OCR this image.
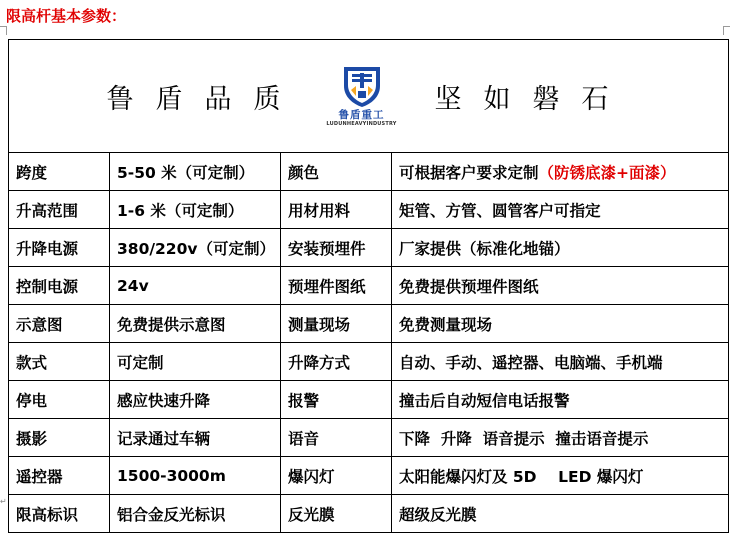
限高杆基本参数：
↵
鲁盾品质
鲁盾重工
LUDUNHEAVYINDUSTRY
坚如磐石			

跨度	5-50 米（可定制）	颜色	可根据客户要求定制（防锈底漆+面漆）
升高范围	1-6 米（可定制）	用材用料	矩管、方管、圆管客户可指定
升降电源	380/220v（可定制）	安装预埋件	厂家提供（标准化地锚）
控制电源	24v	预埋件图纸	免费提供预埋件图纸
示意图	免费提供示意图	测量现场	免费测量现场
款式	可定制	升降方式	自动、手动、遥控器、电脑端、手机端
停电	感应快速升降	报警	撞击后自动短信电话报警
摄影	记录通过车辆	语音	下降  升降  语音提示  撞击语音提示
遥控器	1500-3000m	爆闪灯	太阳能爆闪灯及 5D    LED 爆闪灯
限高标识	铝合金反光标识	反光膜	超级反光膜
